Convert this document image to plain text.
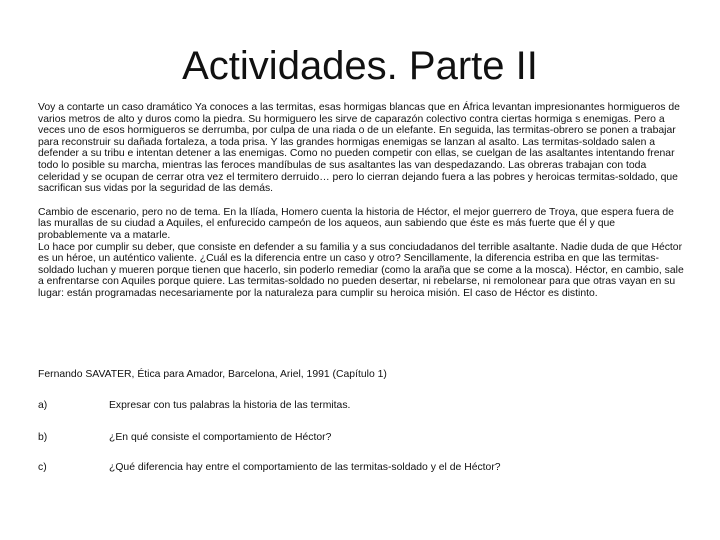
Actividades. Parte II

Voy a contarte un caso dramático Ya conoces a las termitas, esas hormigas blancas que en África levantan impresionantes hormigueros de varios metros de alto y duros como la piedra. Su hormiguero les sirve de caparazón colectivo contra ciertas hormiga s enemigas. Pero a veces uno de esos hormigueros se derrumba, por culpa de una riada o de un elefante. En seguida, las termitas-obrero se ponen a trabajar para reconstruir su dañada fortaleza, a toda prisa. Y las grandes hormigas enemigas se lanzan al asalto. Las termitas-soldado salen a defender a su tribu e intentan detener a las enemigas. Como no pueden competir con ellas, se cuelgan de las asaltantes intentando frenar todo lo posible su marcha, mientras las feroces mandíbulas de sus asaltantes las van despedazando. Las obreras trabajan con toda celeridad y se ocupan de cerrar otra vez el termitero derruido… pero lo cierran dejando fuera a las pobres y heroicas termitas-soldado, que sacrifican sus vidas por la seguridad de las demás.

Cambio de escenario, pero no de tema. En la Ilíada, Homero cuenta la historia de Héctor, el mejor guerrero de Troya, que espera fuera de las murallas de su ciudad a Aquiles, el enfurecido campeón de los aqueos, aun sabiendo que éste es más fuerte que él y que probablemente va a matarle.

Lo hace por cumplir su deber, que consiste en defender a su familia y a sus conciudadanos del terrible asaltante. Nadie duda de que Héctor es un héroe, un auténtico valiente. ¿Cuál es la diferencia entre un caso y otro? Sencillamente, la diferencia estriba en que las termitas-soldado luchan y mueren porque tienen que hacerlo, sin poderlo remediar (como la araña que se come a la mosca). Héctor, en cambio, sale a enfrentarse con Aquiles porque quiere. Las termitas-soldado no pueden desertar, ni rebelarse, ni remolonear para que otras vayan en su lugar: están programadas necesariamente por la naturaleza para cumplir su heroica misión. El caso de Héctor es distinto.

Fernando SAVATER, Ética para Amador, Barcelona, Ariel, 1991 (Capítulo 1)
a)	Expresar con tus palabras la historia de las termitas.
b)	¿En qué consiste el comportamiento de Héctor?
c)	¿Qué diferencia hay entre el comportamiento de las termitas-soldado y el de Héctor?
